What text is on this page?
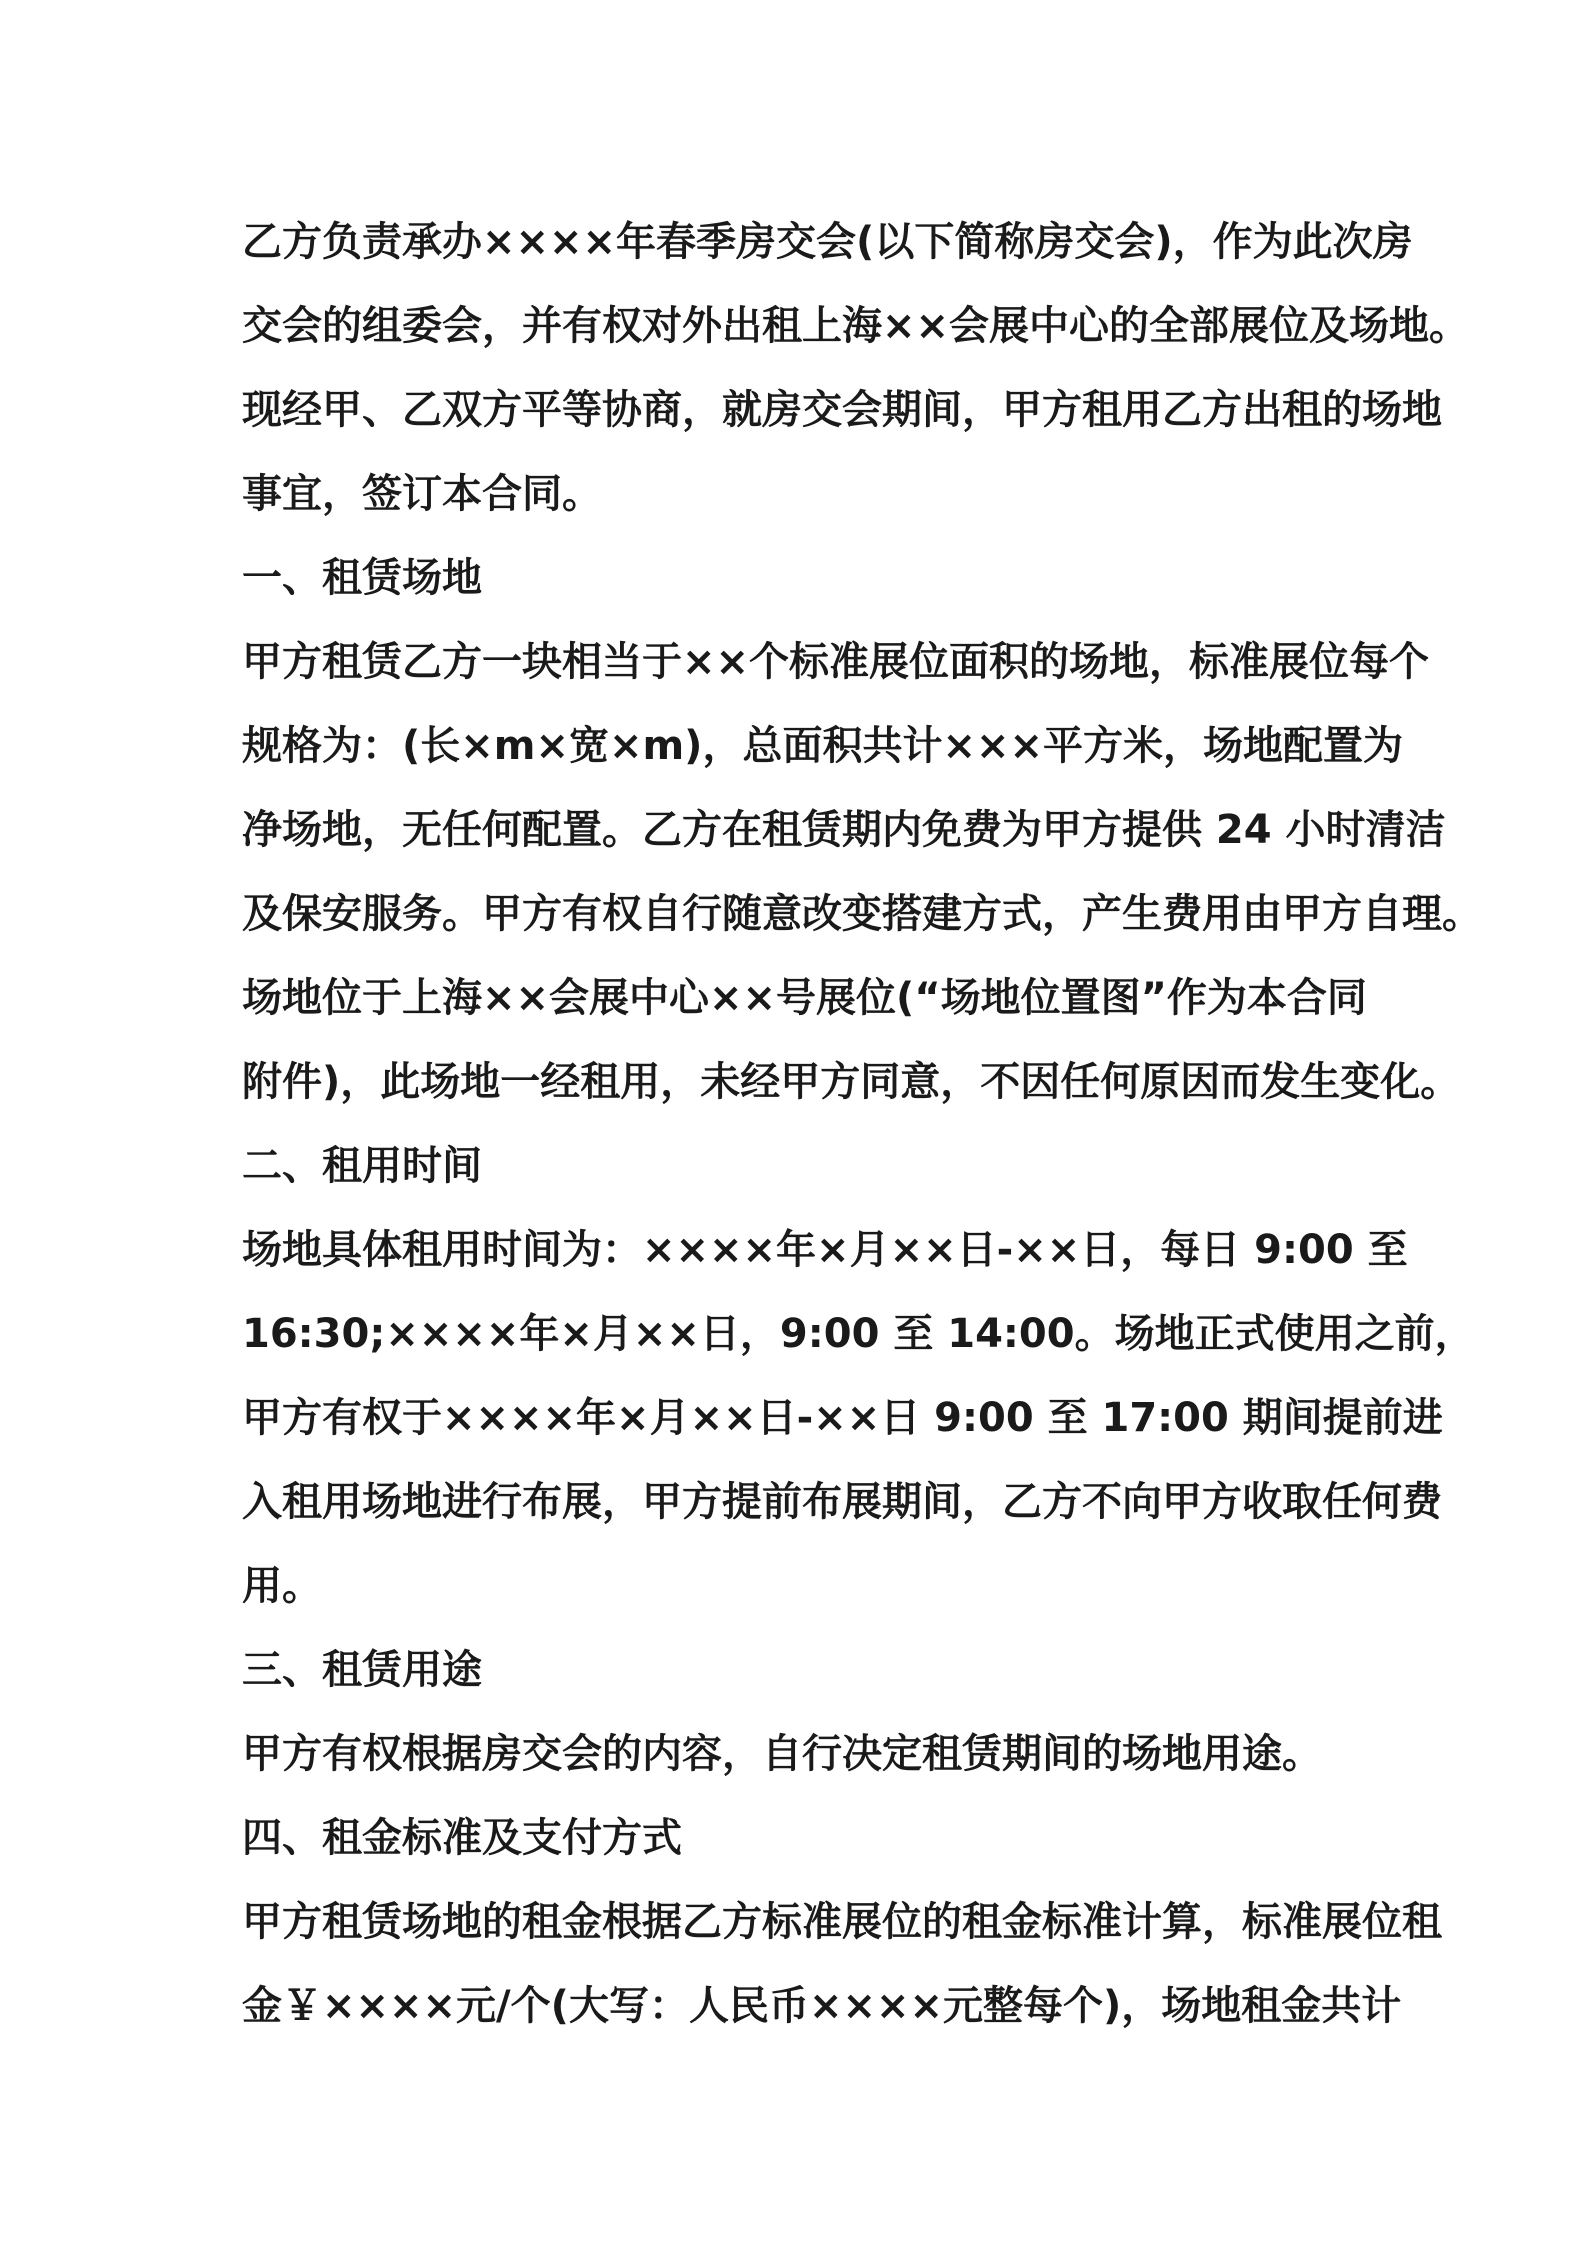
乙方负责承办××××年春季房交会(以下简称房交会)，作为此次房
交会的组委会，并有权对外出租上海××会展中心的全部展位及场地。
现经甲、乙双方平等协商，就房交会期间，甲方租用乙方出租的场地
事宜，签订本合同。
一、租赁场地
甲方租赁乙方一块相当于××个标准展位面积的场地，标准展位每个
规格为：(长×m×宽×m)，总面积共计×××平方米，场地配置为
净场地，无任何配置。乙方在租赁期内免费为甲方提供 24 小时清洁
及保安服务。甲方有权自行随意改变搭建方式，产生费用由甲方自理。
场地位于上海××会展中心××号展位(“场地位置图”作为本合同
附件)，此场地一经租用，未经甲方同意，不因任何原因而发生变化。
二、租用时间
场地具体租用时间为：××××年×月××日-××日，每日 9:00 至
16:30;××××年×月××日，9:00 至 14:00。场地正式使用之前，
甲方有权于××××年×月××日-××日 9:00 至 17:00 期间提前进
入租用场地进行布展，甲方提前布展期间，乙方不向甲方收取任何费
用。
三、租赁用途
甲方有权根据房交会的内容，自行决定租赁期间的场地用途。
四、租金标准及支付方式
甲方租赁场地的租金根据乙方标准展位的租金标准计算，标准展位租
金￥××××元/个(大写：人民币××××元整每个)，场地租金共计
